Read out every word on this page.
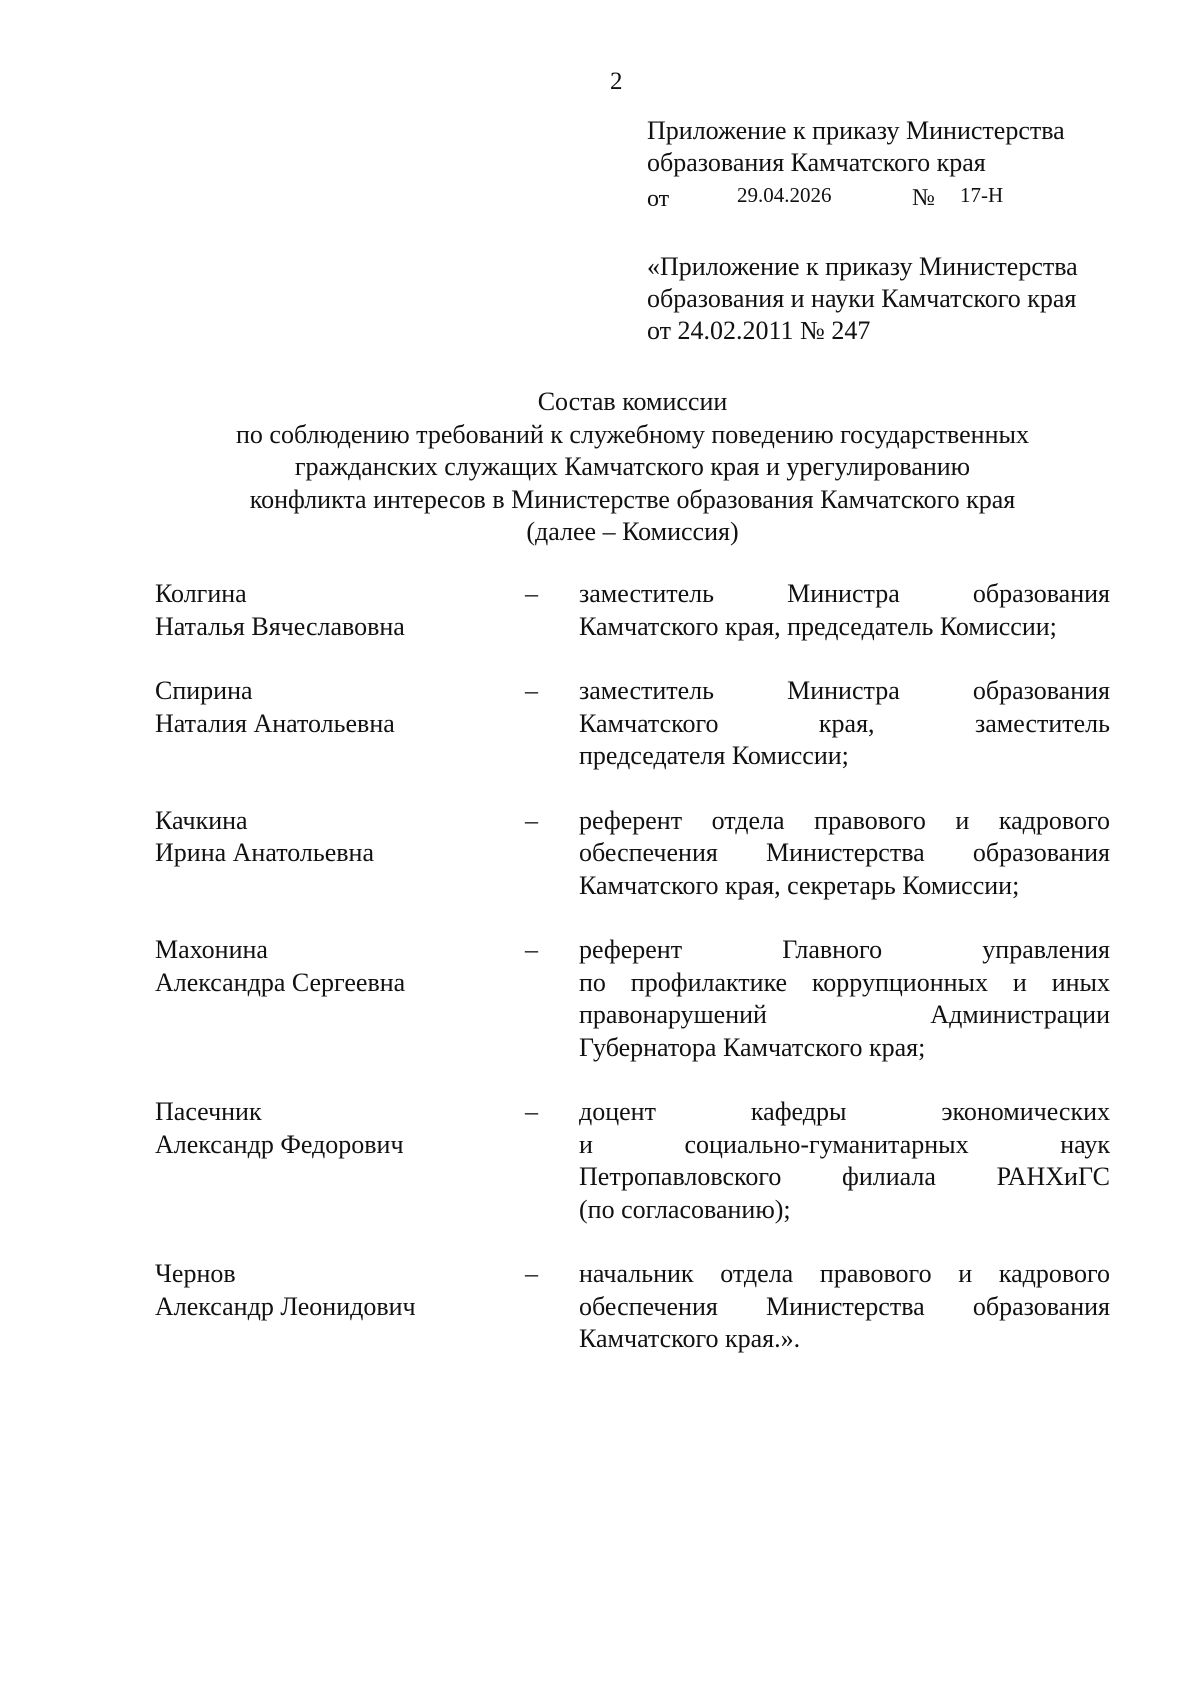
2
Приложение к приказу Министерства
образования Камчатского края
от	29.04.2026	№ 17-Н
«Приложение к приказу Министерства
образования и науки Камчатского края
от 24.02.2011 № 247
Состав комиссии
по соблюдению требований к служебному поведению государственных
гражданских служащих Камчатского края и урегулированию
конфликта интересов в Министерстве образования Камчатского края
(далее – Комиссия)
Колгина
Наталья Вячеславовна
– заместитель Министра образования
Камчатского края, председатель Комиссии;
Спирина
Наталия Анатольевна
– заместитель Министра образования
Камчатского края, заместитель
председателя Комиссии;
Качкина
Ирина Анатольевна
– референт отдела правового и кадрового
обеспечения Министерства образования
Камчатского края, секретарь Комиссии;
Махонина
Александра Сергеевна
– референт Главного управления
по профилактике коррупционных и иных
правонарушений Администрации
Губернатора Камчатского края;
Пасечник
Александр Федорович
– доцент кафедры экономических
и социально-гуманитарных наук
Петропавловского филиала РАНХиГС
(по согласованию);
Чернов
Александр Леонидович
– начальник отдела правового и кадрового
обеспечения Министерства образования
Камчатского края.».
